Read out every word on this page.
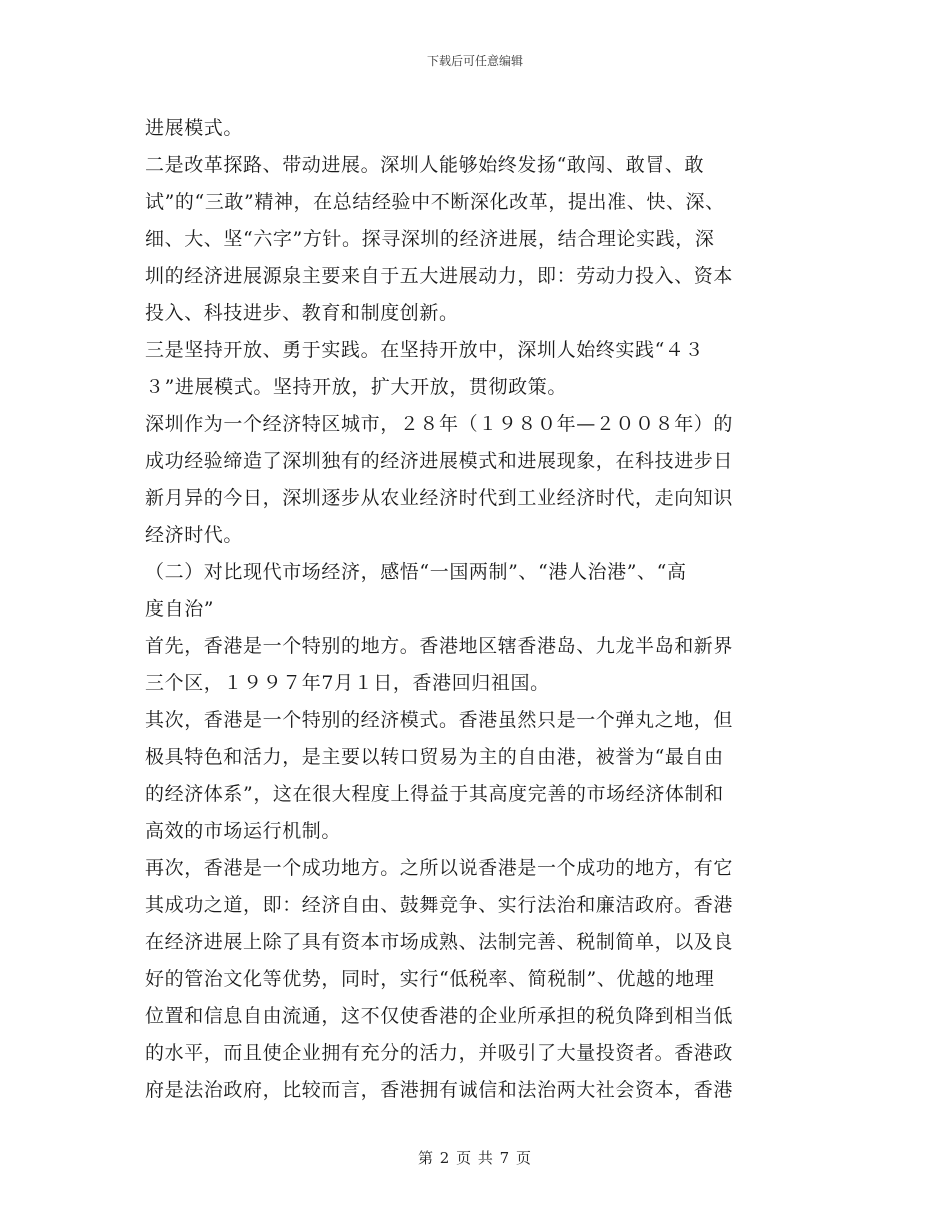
下载后可任意编辑
进展模式。
二是改革探路、带动进展。深圳人能够始终发扬“敢闯、敢冒、敢
试”的“三敢”精神，在总结经验中不断深化改革，提出准、快、深、
细、大、坚“六字”方针。探寻深圳的经济进展，结合理论实践，深
圳的经济进展源泉主要来自于五大进展动力，即：劳动力投入、资本
投入、科技进步、教育和制度创新。
三是坚持开放、勇于实践。在坚持开放中，深圳人始终实践“４３
３”进展模式。坚持开放，扩大开放，贯彻政策。
深圳作为一个经济特区城市，２８年（１９８０年—２００８年）的
成功经验缔造了深圳独有的经济进展模式和进展现象，在科技进步日
新月异的今日，深圳逐步从农业经济时代到工业经济时代，走向知识
经济时代。
（二）对比现代市场经济，感悟“一国两制”、“港人治港”、“高
度自治”
首先，香港是一个特别的地方。香港地区辖香港岛、九龙半岛和新界
三个区，１９９７年7月１日，香港回归祖国。
其次，香港是一个特别的经济模式。香港虽然只是一个弹丸之地，但
极具特色和活力，是主要以转口贸易为主的自由港，被誉为“最自由
的经济体系”，这在很大程度上得益于其高度完善的市场经济体制和
高效的市场运行机制。
再次，香港是一个成功地方。之所以说香港是一个成功的地方，有它
其成功之道，即：经济自由、鼓舞竞争、实行法治和廉洁政府。香港
在经济进展上除了具有资本市场成熟、法制完善、税制简单，以及良
好的管治文化等优势，同时，实行“低税率、简税制”、优越的地理
位置和信息自由流通，这不仅使香港的企业所承担的税负降到相当低
的水平，而且使企业拥有充分的活力，并吸引了大量投资者。香港政
府是法治政府，比较而言，香港拥有诚信和法治两大社会资本，香港
第 2 页 共 7 页
